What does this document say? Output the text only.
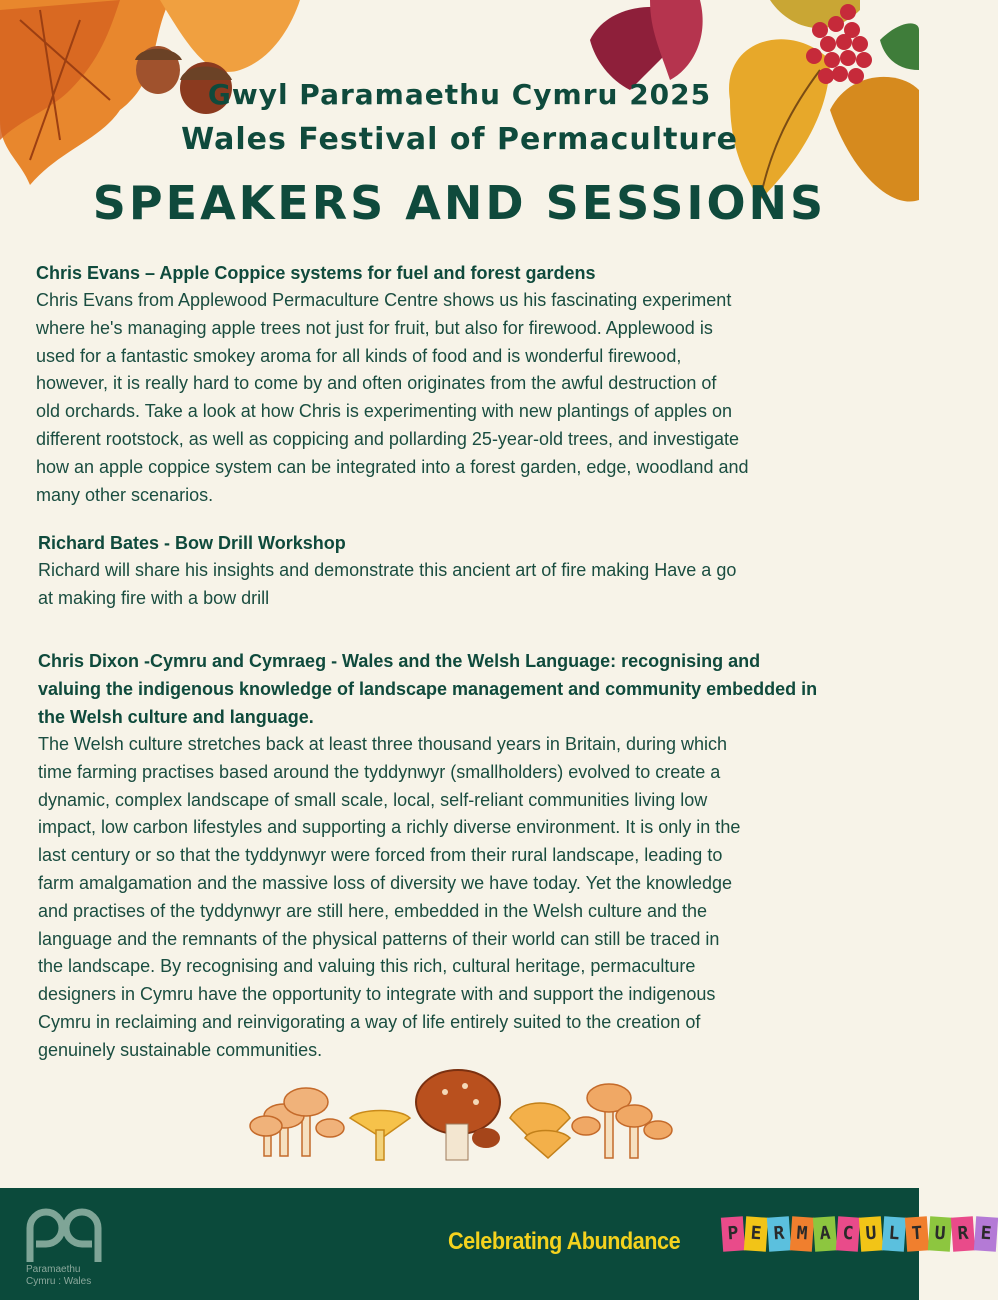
Gwyl Paramaethu Cymru 2025
Wales Festival of Permaculture
SPEAKERS AND SESSIONS
Chris Evans – Apple Coppice systems for fuel and forest gardens
Chris Evans from Applewood Permaculture Centre shows us his fascinating experiment
where he's managing apple trees not just for fruit, but also for firewood. Applewood is
used for a fantastic smokey aroma for all kinds of food and is wonderful firewood,
however, it is really hard to come by and often originates from the awful destruction of
old orchards. Take a look at how Chris is experimenting with new plantings of apples on
different rootstock, as well as coppicing and pollarding 25-year-old trees, and investigate
how an apple coppice system can be integrated into a forest garden, edge, woodland and
many other scenarios.
Richard Bates - Bow Drill Workshop
Richard will share his insights and demonstrate this ancient art of fire making Have a go
at making fire with a bow drill
Chris Dixon -Cymru and Cymraeg - Wales and the Welsh Language: recognising and
valuing the indigenous knowledge of landscape management and community embedded in
the Welsh culture and language.
The Welsh culture stretches back at least three thousand years in Britain, during which
time farming practises based around the tyddynwyr (smallholders) evolved to create a
dynamic, complex landscape of small scale, local, self-reliant communities living low
impact, low carbon lifestyles and supporting a richly diverse environment. It is only in the
last century or so that the tyddynwyr were forced from their rural landscape, leading to
farm amalgamation and the massive loss of diversity we have today. Yet the knowledge
and practises of the tyddynwyr are still here, embedded in the Welsh culture and the
language and the remnants of the physical patterns of their world can still be traced in
the landscape. By recognising and valuing this rich, cultural heritage, permaculture
designers in Cymru have the opportunity to integrate with and support the indigenous
Cymru in reclaiming and reinvigorating a way of life entirely suited to the creation of
genuinely sustainable communities.
Paramaethu
Cymru : Wales
Celebrating Abundance	P E R M A C U L T U R E
